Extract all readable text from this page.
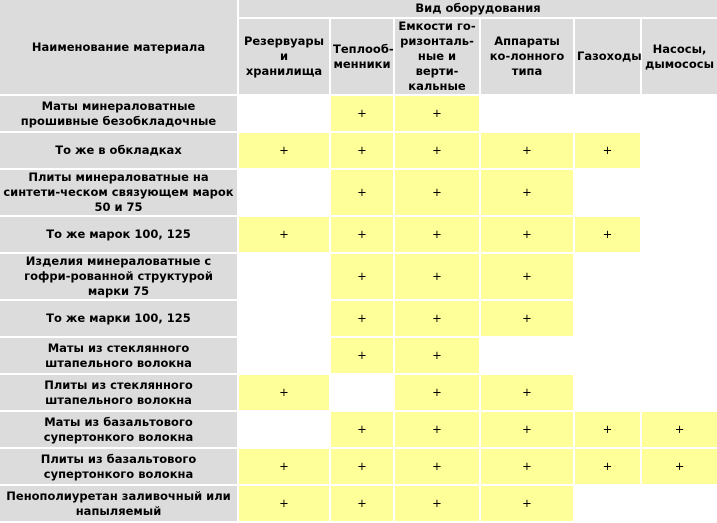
Наименование материала	Вид оборудования					
	Резервуары и хранилища	Теплооб-менники	Емкости го-ризонталь-ные и верти-кальные	Аппараты ко-лонного типа	Газоходы	Насосы, дымососы
Маты минераловатные прошивные безобкладочные		+	+			
То же в обкладках	+	+	+	+	+	
Плиты минераловатные на синтети-ческом связующем марок 50 и 75		+	+	+		
То же марок 100, 125	+	+	+	+	+	
Изделия минераловатные с гофри-рованной структурой марки 75		+	+	+		
То же марки 100, 125		+	+	+		
Маты из стеклянного штапельного волокна		+	+			
Плиты из стеклянного штапельного волокна	+		+	+		
Маты из базальтового супертонкого волокна		+	+	+	+	+
Плиты из базальтового супертонкого волокна	+	+	+	+	+	+
Пенополиуретан заливочный или напыляемый	+	+	+	+		
